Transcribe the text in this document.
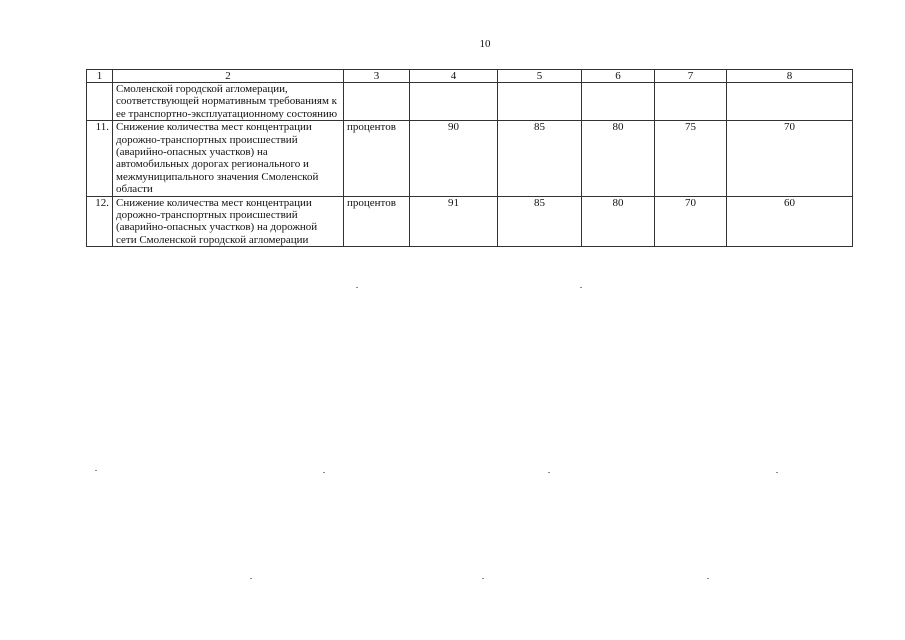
10
1	2	3	4	5	6	7	8
	Смоленской городской агломерации, соответствующей нормативным требованиям к ее транспортно-эксплуатационному состоянию						
11.	Снижение количества мест концентрации дорожно-транспортных происшествий (аварийно-опасных участков) на автомобильных дорогах регионального и межмуниципального значения Смоленской области	процентов	90	85	80	75	70
12.	Снижение количества мест концентрации дорожно-транспортных происшествий (аварийно-опасных участков) на дорожной сети Смоленской городской агломерации	процентов	91	85	80	70	60
